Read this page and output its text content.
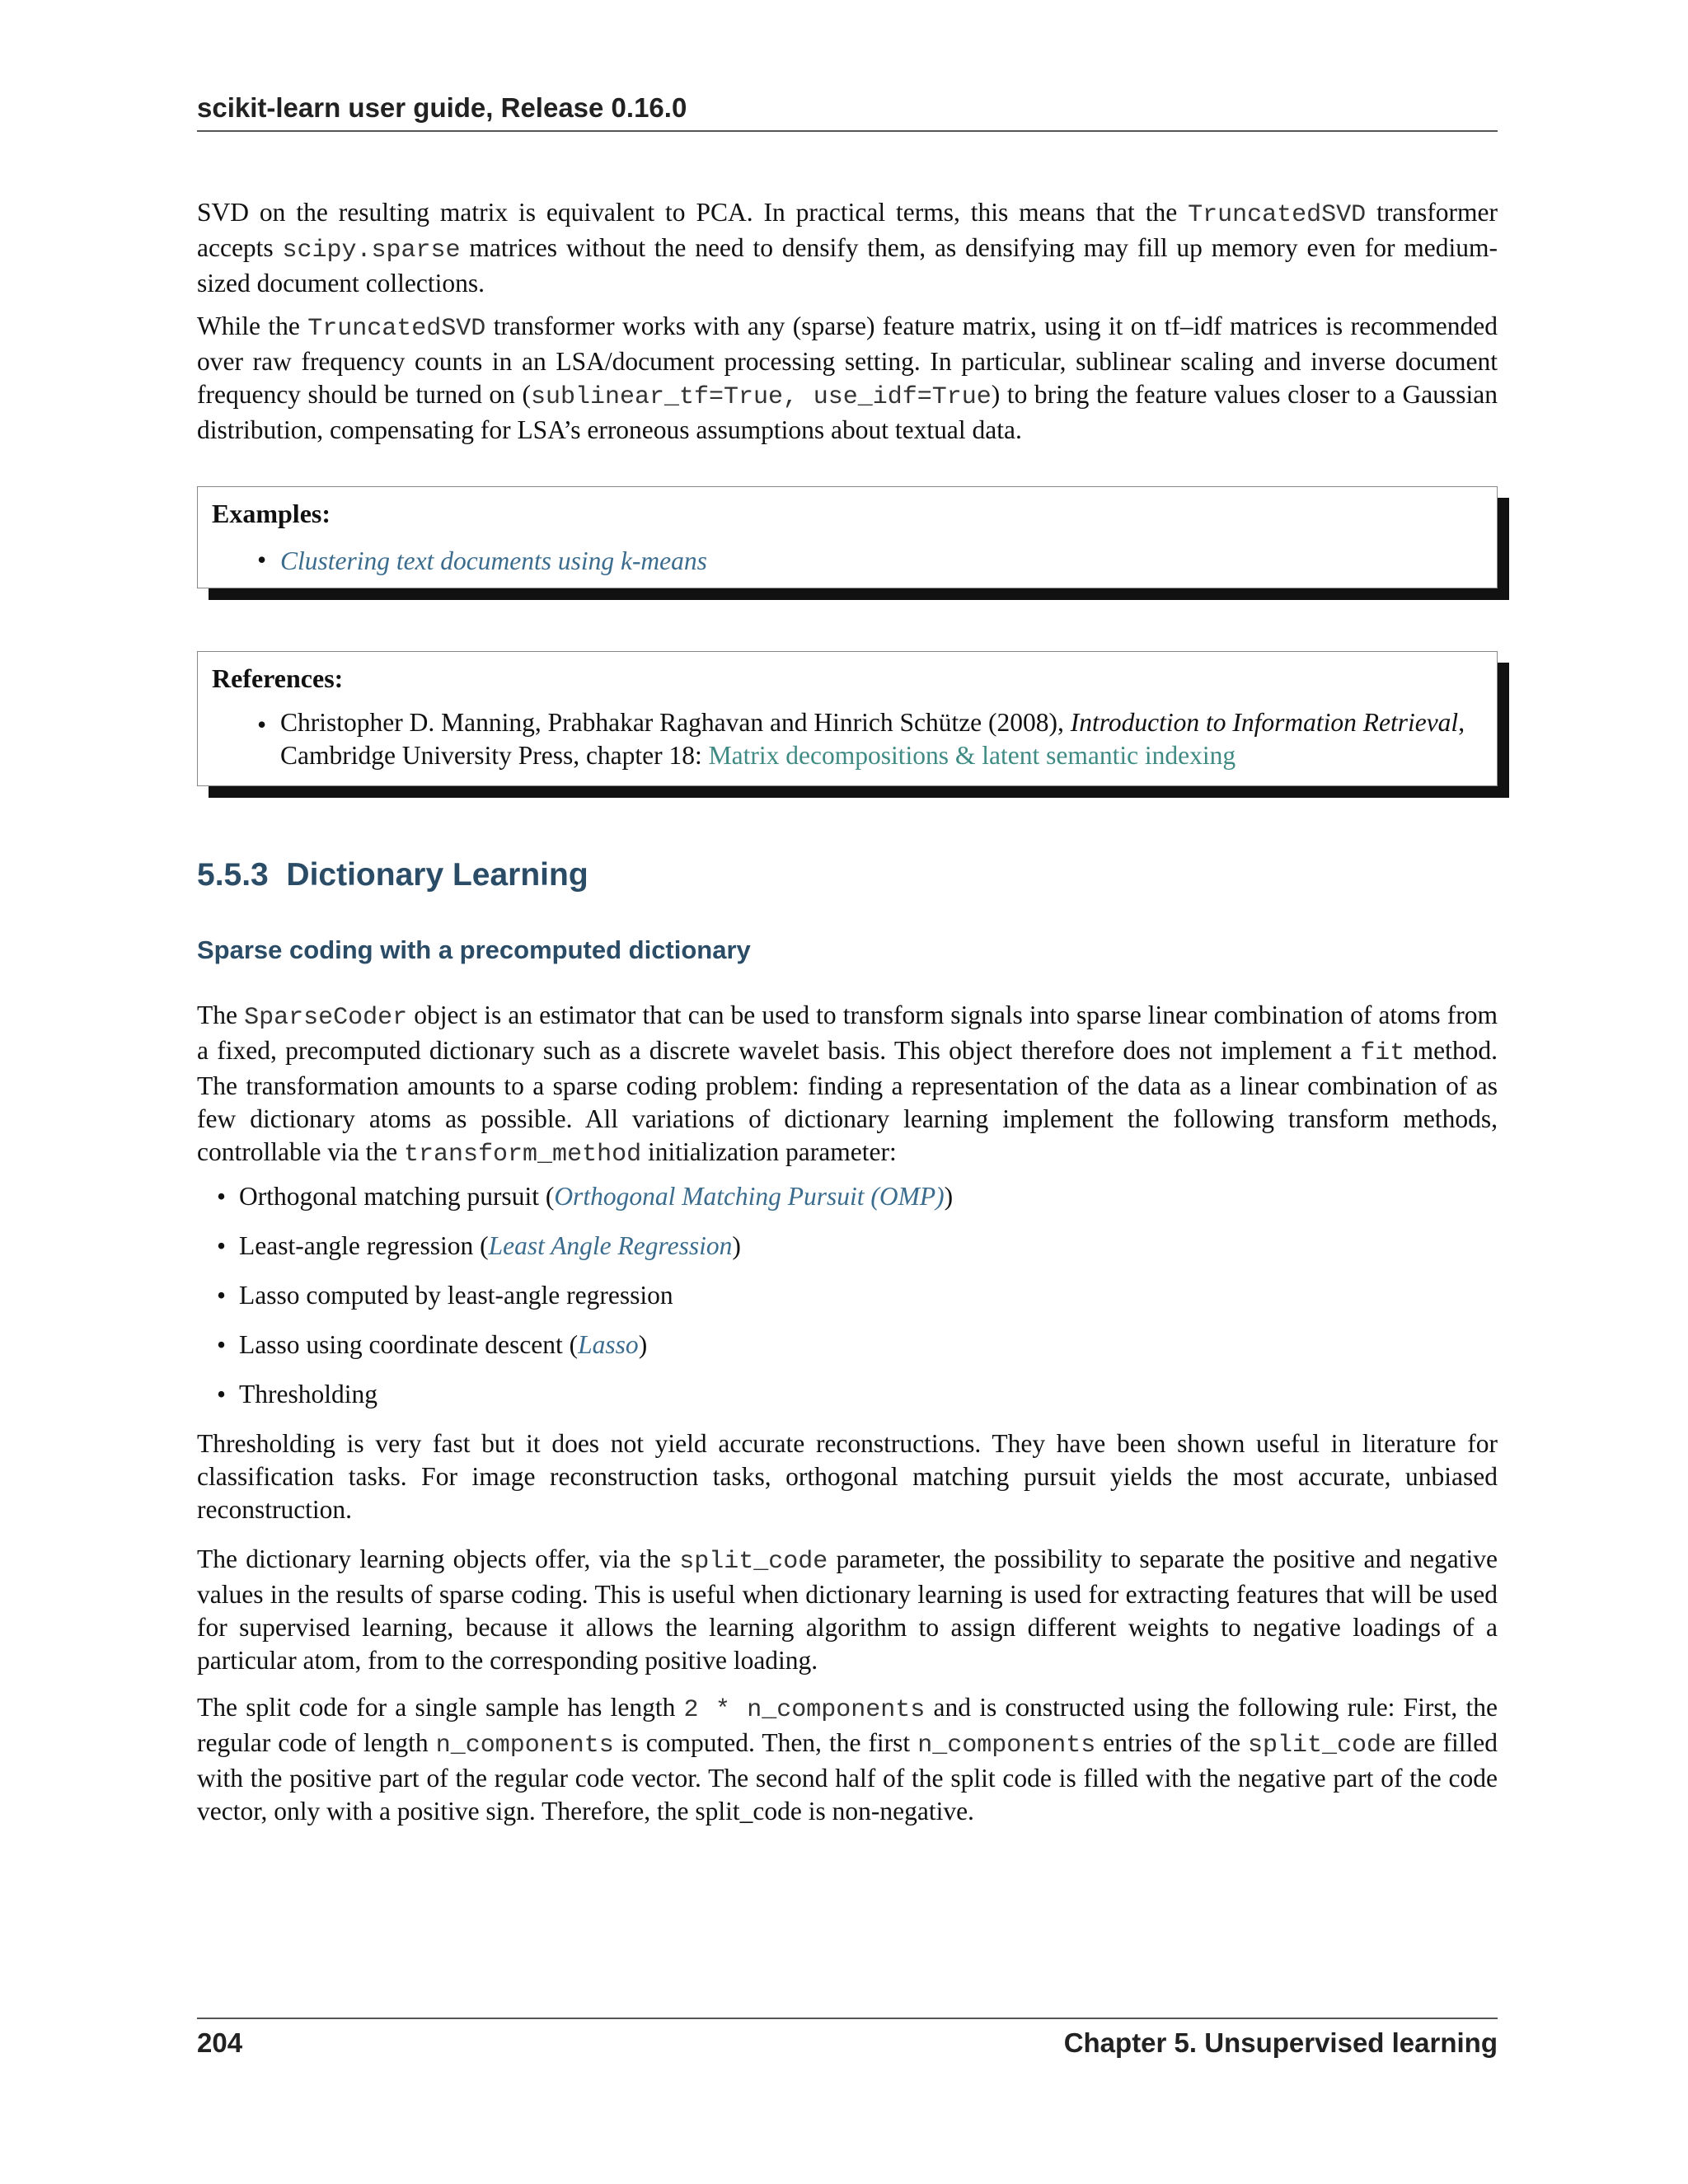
scikit-learn user guide, Release 0.16.0

SVD on the resulting matrix is equivalent to PCA. In practical terms, this means that the TruncatedSVD transformer accepts scipy.sparse matrices without the need to densify them, as densifying may fill up memory even for medium-sized document collections.

While the TruncatedSVD transformer works with any (sparse) feature matrix, using it on tf–idf matrices is recommended over raw frequency counts in an LSA/document processing setting. In particular, sublinear scaling and inverse document frequency should be turned on (sublinear_tf=True, use_idf=True) to bring the feature values closer to a Gaussian distribution, compensating for LSA’s erroneous assumptions about textual data.

Examples:
• Clustering text documents using k-means
References:
• Christopher D. Manning, Prabhakar Raghavan and Hinrich Schütze (2008), Introduction to Information Retrieval, Cambridge University Press, chapter 18: Matrix decompositions & latent semantic indexing
5.5.3 Dictionary Learning
Sparse coding with a precomputed dictionary

The SparseCoder object is an estimator that can be used to transform signals into sparse linear combination of atoms from a fixed, precomputed dictionary such as a discrete wavelet basis. This object therefore does not implement a fit method. The transformation amounts to a sparse coding problem: finding a representation of the data as a linear combination of as few dictionary atoms as possible. All variations of dictionary learning implement the following transform methods, controllable via the transform_method initialization parameter:

• Orthogonal matching pursuit (Orthogonal Matching Pursuit (OMP))
• Least-angle regression (Least Angle Regression)
• Lasso computed by least-angle regression
• Lasso using coordinate descent (Lasso)
• Thresholding

Thresholding is very fast but it does not yield accurate reconstructions. They have been shown useful in literature for classification tasks. For image reconstruction tasks, orthogonal matching pursuit yields the most accurate, unbiased reconstruction.

The dictionary learning objects offer, via the split_code parameter, the possibility to separate the positive and negative values in the results of sparse coding. This is useful when dictionary learning is used for extracting features that will be used for supervised learning, because it allows the learning algorithm to assign different weights to negative loadings of a particular atom, from to the corresponding positive loading.

The split code for a single sample has length 2 * n_components and is constructed using the following rule: First, the regular code of length n_components is computed. Then, the first n_components entries of the split_code are filled with the positive part of the regular code vector. The second half of the split code is filled with the negative part of the code vector, only with a positive sign. Therefore, the split_code is non-negative.

204	Chapter 5. Unsupervised learning
